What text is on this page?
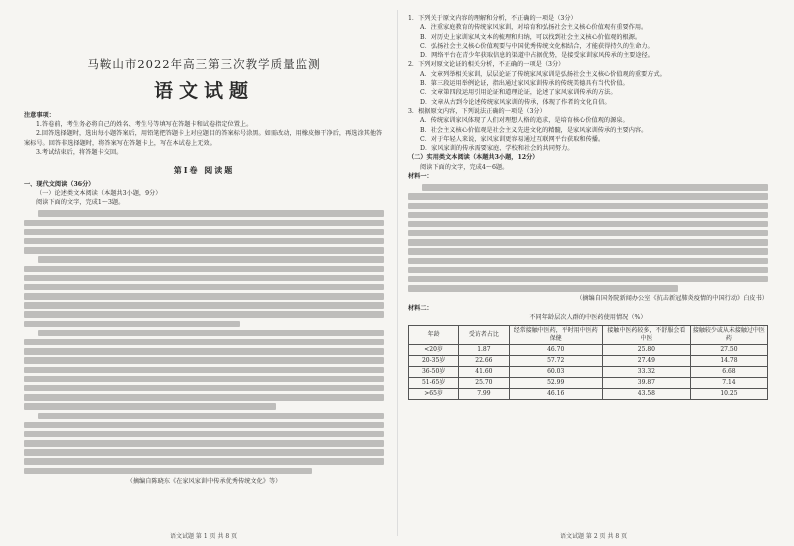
马鞍山市2022年高三第三次教学质量监测
语文试题
注意事项：

1.答卷前，考生务必将自己的姓名、考生号等填写在答题卡和试卷指定位置上。

2.回答选择题时，选出每小题答案后，用铅笔把答题卡上对应题目的答案标号涂黑。如需改动，用橡皮擦干净后，再选涂其他答案标号。回答非选择题时，将答案写在答题卡上，写在本试卷上无效。

3.考试结束后，将答题卡交回。

第Ⅰ卷 阅读题
一、现代文阅读（36分）
（一）论述类文本阅读（本题共3小题，9分）
阅读下面的文字，完成1～3题。
（摘编自陈晓东《在家风家训中传承优秀传统文化》等）
语文试题 第 1 页 共 8 页

1．下列关于原文内容的理解和分析，不正确的一项是（3分）

A．注重家庭教育的传统家风家训，对培育和弘扬社会主义核心价值观有重要作用。

B．对历史上家训家风文本的梳理和归纳，可以找到社会主义核心价值观的根源。

C．弘扬社会主义核心价值观要与中国优秀传统文化相结合，才能获得持久的生命力。

D．网络平台在青少年获取信息的渠道中占据优势，是接受家训家风传承的主要途径。

2．下列对原文论证的相关分析，不正确的一项是（3分）

A．文章列举相关家训，层层论证了传统家风家训是弘扬社会主义核心价值观的重要方式。

B．第三段运用举例论证，指出通过家风家训传承的传统美德具有当代价值。

C．文章第四段运用引用论证和道理论证，论述了家风家训传承的方法。

D．文章从古到今论述传统家风家训的传承，体现了作者的文化自信。

3．根据原文内容，下列说法正确的一项是（3分）

A．传统家训家风体现了人们对理想人格的追求，是培育核心价值观的源泉。

B．社会主义核心价值观是社会主义先进文化的精髓，是家风家训传承的主要内容。

C．对于年轻人来说，家风家训更容易通过互联网平台获取和传播。

D．家风家训的传承需要家庭、学校和社会的共同努力。

（二）实用类文本阅读（本题共3小题，12分）

阅读下面的文字，完成4～6题。

材料一：

（摘编自国务院新闻办公室《抗击新冠肺炎疫情的中国行动》白皮书）

材料二：

不同年龄层次人群的中医药使用情况（%）
年龄	受访者占比	经常接触中医药，平时用中医药保健	接触中医药较多，不舒服会看中医	接触较少或从未接触过中医药
<20岁	1.87	46.70	25.80	27.50
20-35岁	22.66	57.72	27.49	14.78
36-50岁	41.60	60.03	33.32	6.68
51-65岁	25.70	52.99	39.87	7.14
>65岁	7.99	46.16	43.58	10.25
语文试题 第 2 页 共 8 页
